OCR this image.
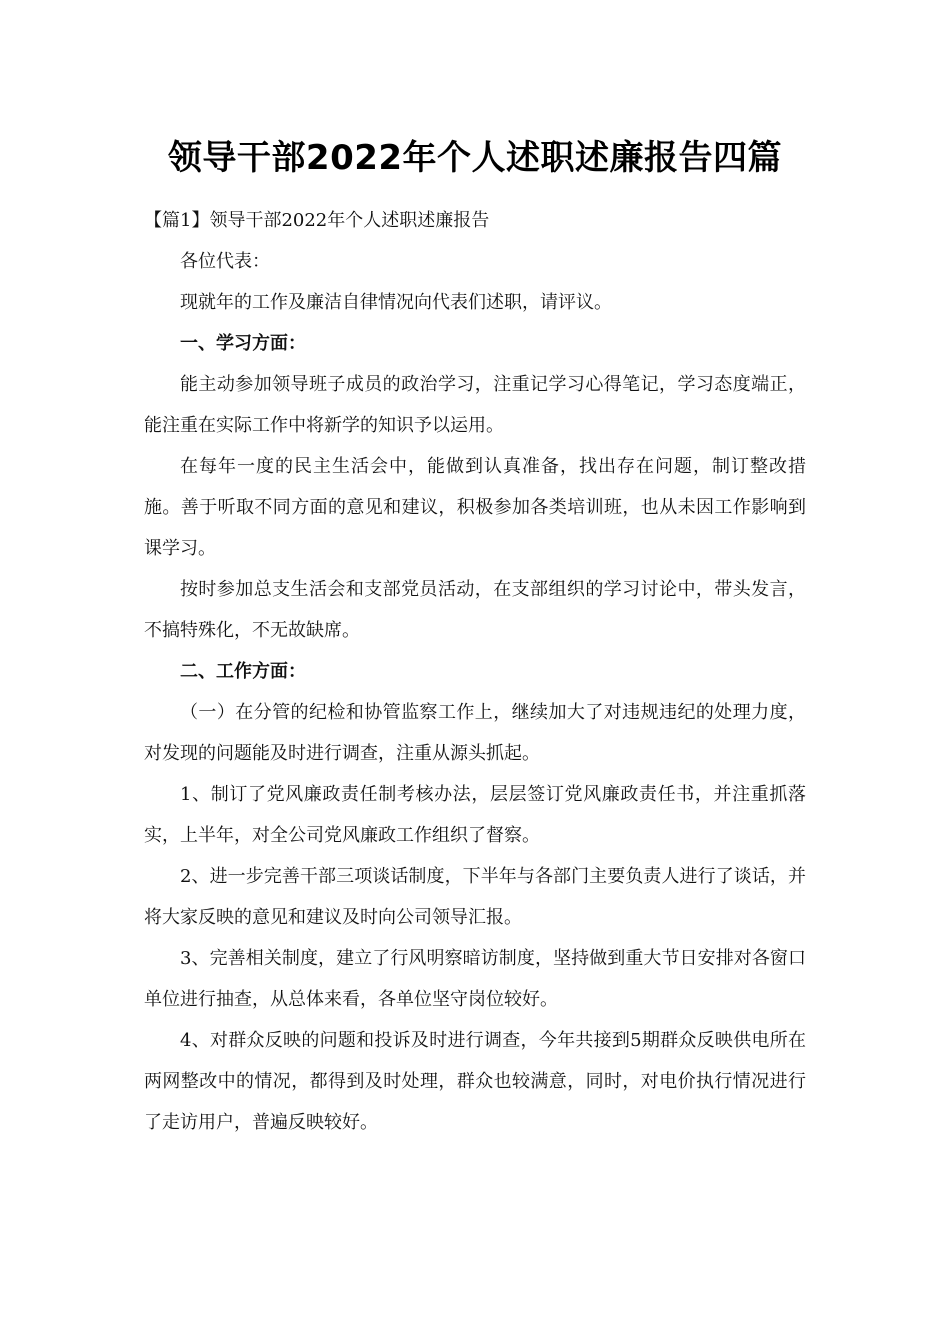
领导干部2022年个人述职述廉报告四篇

【篇1】领导干部2022年个人述职述廉报告

各位代表：

现就年的工作及廉洁自律情况向代表们述职，请评议。

一、学习方面：

能主动参加领导班子成员的政治学习，注重记学习心得笔记，学习态度端正，能注重在实际工作中将新学的知识予以运用。

在每年一度的民主生活会中，能做到认真准备，找出存在问题，制订整改措施。善于听取不同方面的意见和建议，积极参加各类培训班，也从未因工作影响到课学习。

按时参加总支生活会和支部党员活动，在支部组织的学习讨论中，带头发言，不搞特殊化，不无故缺席。

二、工作方面：

（一）在分管的纪检和协管监察工作上，继续加大了对违规违纪的处理力度，对发现的问题能及时进行调查，注重从源头抓起。

1、制订了党风廉政责任制考核办法，层层签订党风廉政责任书，并注重抓落实，上半年，对全公司党风廉政工作组织了督察。

2、进一步完善干部三项谈话制度，下半年与各部门主要负责人进行了谈话，并将大家反映的意见和建议及时向公司领导汇报。

3、完善相关制度，建立了行风明察暗访制度，坚持做到重大节日安排对各窗口单位进行抽查，从总体来看，各单位坚守岗位较好。

4、对群众反映的问题和投诉及时进行调查，今年共接到5期群众反映供电所在两网整改中的情况，都得到及时处理，群众也较满意，同时，对电价执行情况进行了走访用户，普遍反映较好。
